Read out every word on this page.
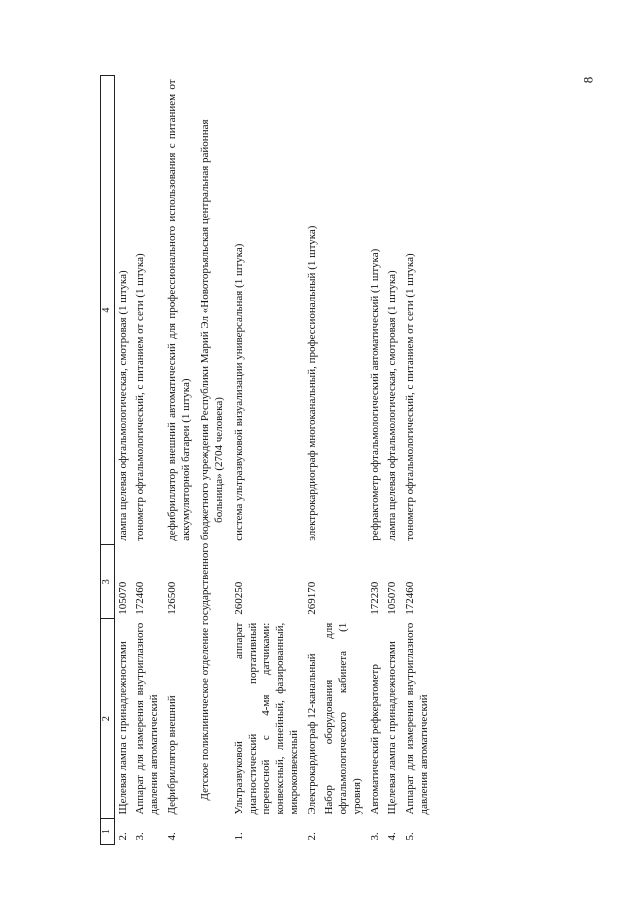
8
1	2	3	4
2.	Щелевая лампа с принадлежностями	105070	лампа щелевая офтальмологическая, смотровая (1 штука)
3.	Аппарат для измерения внутриглазного давления автоматический	172460	тонометр офтальмологический, с питанием от сети (1 штука)
4.	Дефибриллятор внешний	126500	дефибриллятор внешний автоматический для профессионального использования с питанием от аккумуляторной батареи (1 штука)
Детское поликлиническое отделение государственного бюджетного учреждения Республики Марий Эл «Новоторъяльская центральная районная больница» (2704 человека)			
1.	Ультразвуковой аппарат диагностический портативный переносной с 4-мя датчиками: конвексный, линейный, фазированный, микроконвексный	260250	система ультразвуковой визуализации универсальная (1 штука)
2.	Электрокардиограф 12-канальный	269170	электрокардиограф многоканальный, профессиональный (1 штука)
	Набор оборудования для офтальмологического кабинета (1 уровня)		
3.	Автоматический рефкератометр	172230	рефрактометр офтальмологический автоматический (1 штука)
4.	Щелевая лампа с принадлежностями	105070	лампа щелевая офтальмологическая, смотровая (1 штука)
5.	Аппарат для измерения внутриглазного давления автоматический	172460	тонометр офтальмологический, с питанием от сети (1 штука)
